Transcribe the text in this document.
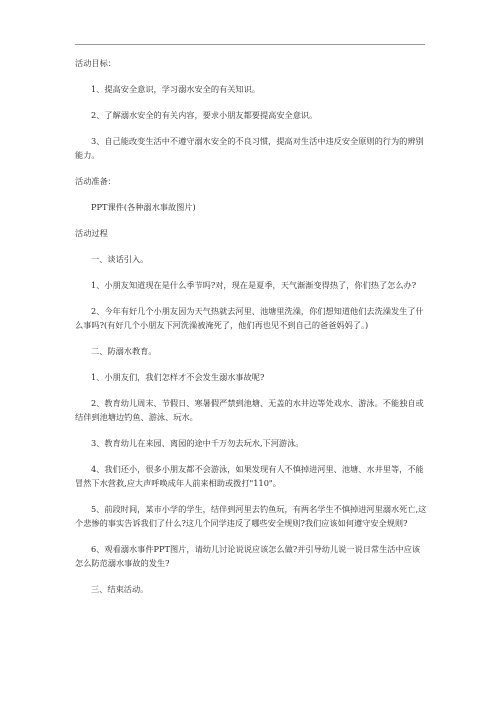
活动目标：

1、提高安全意识，学习溺水安全的有关知识。

2、了解溺水安全的有关内容，要求小朋友都要提高安全意识。

3、自己能改变生活中不遵守溺水安全的不良习惯，提高对生活中违反安全原则的行为的辨别能力。

活动准备：

PPT课件(各种溺水事故图片)

活动过程

一、谈话引入。

1、小朋友知道现在是什么季节吗?对，现在是夏季，天气渐渐变得热了，你们热了怎么办?

2、今年有好几个小朋友因为天气热就去河里、池塘里洗澡，你们想知道他们去洗澡发生了什么事吗?(有好几个小朋友下河洗澡被淹死了，他们再也见不到自己的爸爸妈妈了。)

二、防溺水教育。

1、小朋友们，我们怎样才不会发生溺水事故呢?

2、教育幼儿周末、节假日、寒暑假严禁到池塘、无盖的水井边等处戏水、游泳。不能独自或结伴到池塘边钓鱼、游泳、玩水。

3、教育幼儿在来园、离园的途中千万勿去玩水,下河游泳。

4、我们还小，很多小朋友都不会游泳，如果发现有人不慎掉进河里、池塘、水井里等，不能冒然下水营救,应大声呼唤成年人前来相助或拨打"110"。

5、前段时间，某市小学的学生，结伴到河里去钓鱼玩，有两名学生不慎掉进河里溺水死亡,这个悲惨的事实告诉我们了什么?这几个同学违反了哪些安全规则?我们应该如何遵守安全规则?

6、观看溺水事件PPT图片，请幼儿讨论说说应该怎么做?并引导幼儿说一说日常生活中应该怎么防范溺水事故的发生?

三、结束活动。
